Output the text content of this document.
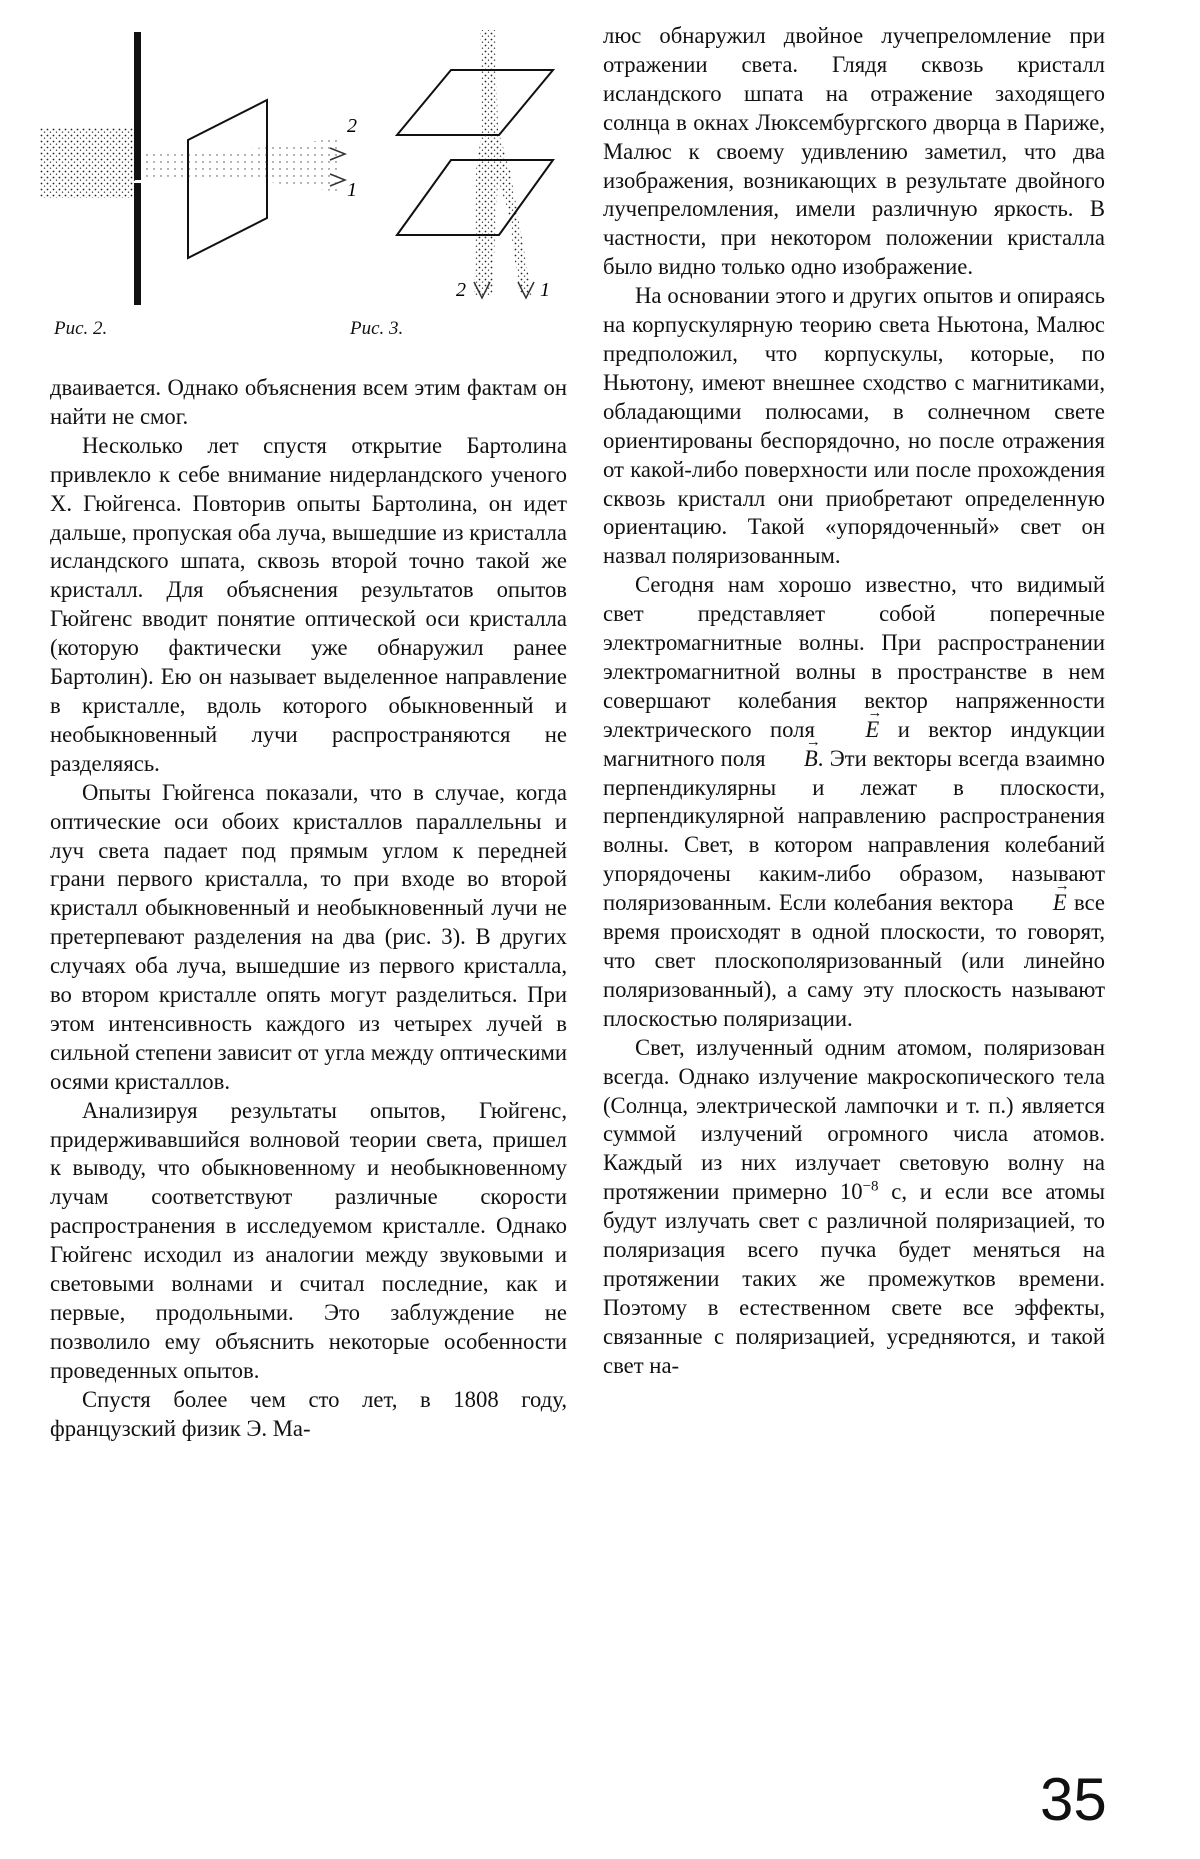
2
1
2	1
Рис. 2.	Рис. 3.

дваивается. Однако объяснения всем этим фактам он найти не смог.

Несколько лет спустя открытие Бартолина привлекло к себе внимание нидерландского ученого Х. Гюйгенса. Повторив опыты Бартолина, он идет дальше, пропуская оба луча, вышедшие из кристалла исландского шпата, сквозь второй точно такой же кристалл. Для объяснения результатов опытов Гюйгенс вводит понятие оптической оси кристалла (которую фактически уже обнаружил ранее Бартолин). Ею он называет выделенное направление в кристалле, вдоль которого обыкновенный и необыкновенный лучи распространяются не разделяясь.

Опыты Гюйгенса показали, что в случае, когда оптические оси обоих кристаллов параллельны и луч света падает под прямым углом к передней грани первого кристалла, то при входе во второй кристалл обыкновенный и необыкновенный лучи не претерпевают разделения на два (рис. 3). В других случаях оба луча, вышедшие из первого кристалла, во втором кристалле опять могут разделиться. При этом интенсивность каждого из четырех лучей в сильной степени зависит от угла между оптическими осями кристаллов.

Анализируя результаты опытов, Гюйгенс, придерживавшийся волновой теории света, пришел к выводу, что обыкновенному и необыкновенному лучам соответствуют различные скорости распространения в исследуемом кристалле. Однако Гюйгенс исходил из аналогии между звуковыми и световыми волнами и считал последние, как и первые, продольными. Это заблуждение не позволило ему объяснить некоторые особенности проведенных опытов.

Спустя более чем сто лет, в 1808 году, французский физик Э. Ма-

люс обнаружил двойное лучепреломление при отражении света. Глядя сквозь кристалл исландского шпата на отражение заходящего солнца в окнах Люксембургского дворца в Париже, Малюс к своему удивлению заметил, что два изображения, возникающих в результате двойного лучепреломления, имели различную яркость. В частности, при некотором положении кристалла было видно только одно изображение.

На основании этого и других опытов и опираясь на корпускулярную теорию света Ньютона, Малюс предположил, что корпускулы, которые, по Ньютону, имеют внешнее сходство с магнитиками, обладающими полюсами, в солнечном свете ориентированы беспорядочно, но после отражения от какой-либо поверхности или после прохождения сквозь кристалл они приобретают определенную ориентацию. Такой «упорядоченный» свет он назвал поляризованным.

Сегодня нам хорошо известно, что видимый свет представляет собой поперечные электромагнитные волны. При распространении электромагнитной волны в пространстве в нем совершают колебания вектор напряженности электрического поля → E и вектор индукции магнитного поля → B. Эти векторы всегда взаимно перпендикулярны и лежат в плоскости, перпендикулярной направлению распространения волны. Свет, в котором направления колебаний упорядочены каким-либо образом, называют поляризованным. Если колебания вектора → E все время происходят в одной плоскости, то говорят, что свет плоскополяризованный (или линейно поляризованный), а саму эту плоскость называют плоскостью поляризации.

Свет, излученный одним атомом, поляризован всегда. Однако излучение макроскопического тела (Солнца, электрической лампочки и т. п.) является суммой излучений огромного числа атомов. Каждый из них излучает световую волну на протяжении примерно $10^{-8}$ с, и если все атомы будут излучать свет с различной поляризацией, то поляризация всего пучка будет меняться на протяжении таких же промежутков времени. Поэтому в естественном свете все эффекты, связанные с поляризацией, усредняются, и такой свет на-

35
